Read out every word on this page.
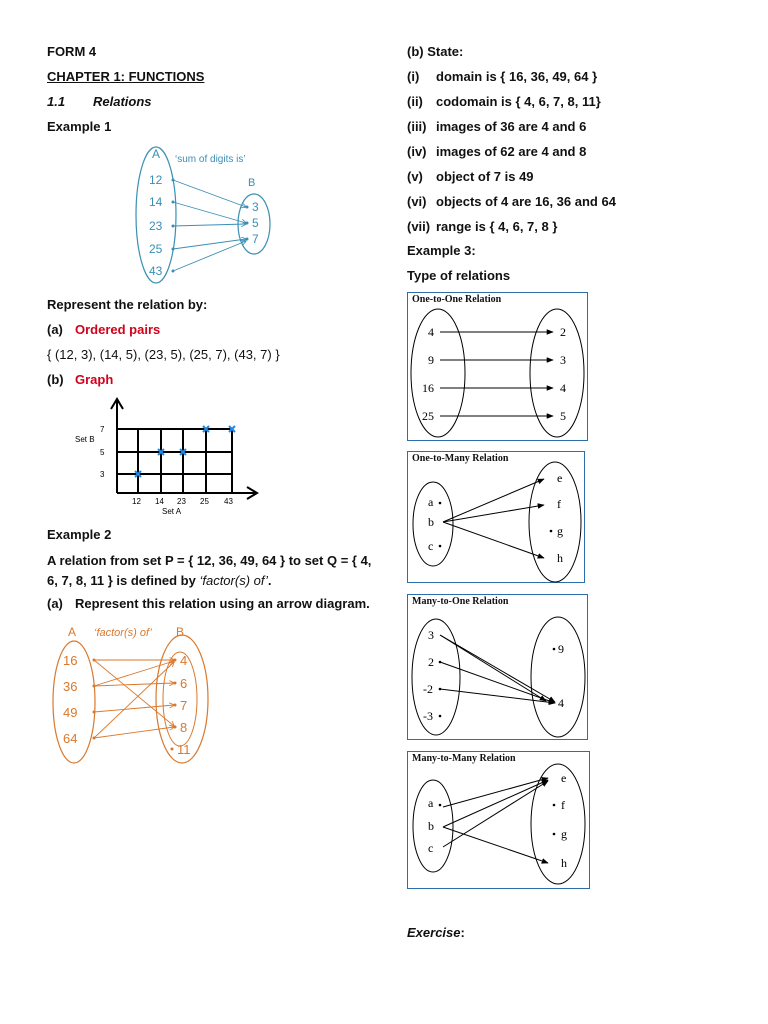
FORM 4
CHAPTER 1: FUNCTIONS
1.1 Relations
Example 1
A ‘sum of digits is’
B
12
14
23
25
43
3
5
7
Represent the relation by:
(a) Ordered pairs
{ (12, 3), (14, 5), (23, 5), (25, 7), (43, 7) }
(b) Graph
Set B
7
5
3
12 14 23 25 43
Set A
Example 2
A relation from set P = { 12, 36, 49, 64 } to set Q = { 4,
6, 7, 8, 11 } is defined by ‘factor(s) of’.
(a) Represent this relation using an arrow diagram.
A ‘factor(s) of’ B
16
36
49
64
4
6
7
8
11
(b) State:
(i) domain is { 16, 36, 49, 64 }
(ii) codomain is { 4, 6, 7, 8, 11}
(iii) images of 36 are 4 and 6
(iv) images of 62 are 4 and 8
(v) object of 7 is 49
(vi) objects of 4 are 16, 36 and 64
(vii) range is { 4, 6, 7, 8 }
Example 3:
Type of relations
One-to-One Relation
4
9
16
25
2
3
4
5
One-to-Many Relation
a
b
c
e
f
g
h
Many-to-One Relation
3
2
-2
-3
9
4
Many-to-Many Relation
a
b
c
e
f
g
h
Exercise:
